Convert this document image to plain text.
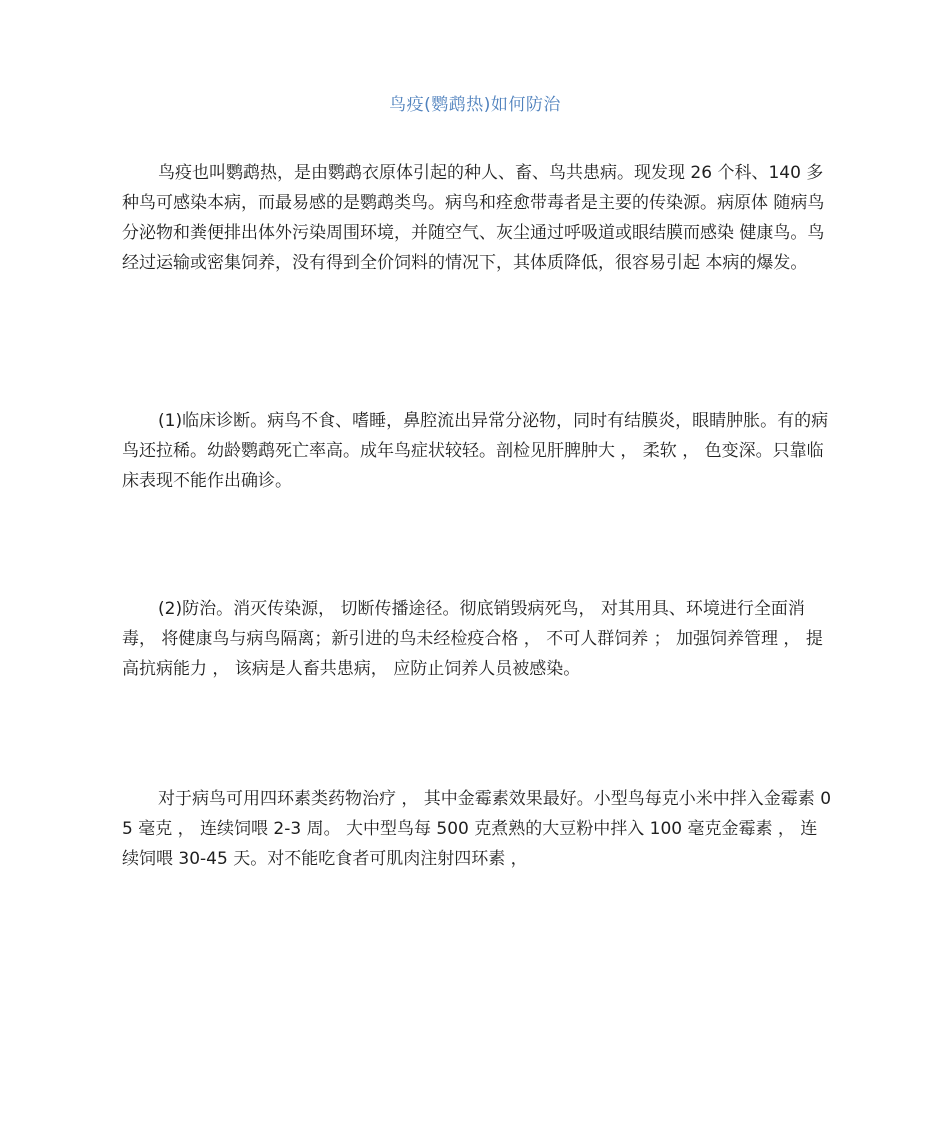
鸟疫(鹦鹉热)如何防治

鸟疫也叫鹦鹉热，是由鹦鹉衣原体引起的种人、畜、鸟共患病。现发现 26 个科、140 多种鸟可感染本病，而最易感的是鹦鹉类鸟。病鸟和痊愈带毒者是主要的传染源。病原体 随病鸟分泌物和粪便排出体外污染周围环境，并随空气、灰尘通过呼吸道或眼结膜而感染 健康鸟。鸟经过运输或密集饲养，没有得到全价饲料的情况下，其体质降低，很容易引起 本病的爆发。

(1)临床诊断。病鸟不食、嗜睡，鼻腔流出异常分泌物，同时有结膜炎，眼睛肿胀。有的病鸟还拉稀。幼龄鹦鹉死亡率高。成年鸟症状较轻。剖检见肝脾肿大 ， 柔软 ， 色变深。只靠临床表现不能作出确诊。

(2)防治。消灭传染源， 切断传播途径。彻底销毁病死鸟， 对其用具、环境进行全面消 毒， 将健康鸟与病鸟隔离；新引进的鸟未经检疫合格 ， 不可人群饲养 ； 加强饲养管理 ， 提 高抗病能力 ， 该病是人畜共患病， 应防止饲养人员被感染。

对于病鸟可用四环素类药物治疗 ， 其中金霉素效果最好。小型鸟每克小米中拌入金霉素 05 毫克 ， 连续饲喂 2-3 周。 大中型鸟每 500 克煮熟的大豆粉中拌入 100 毫克金霉素 ， 连续饲喂 30-45 天。对不能吃食者可肌肉注射四环素 ，
